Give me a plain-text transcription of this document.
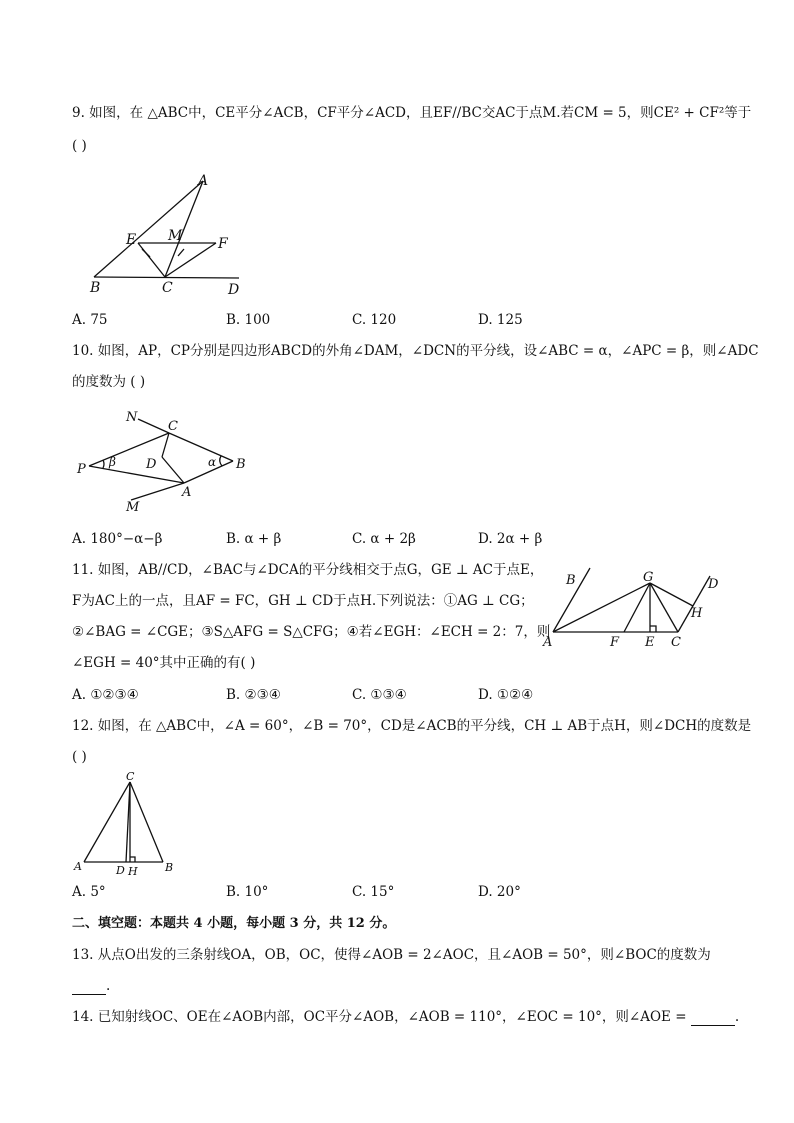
9. 如图，在 △ABC中，CE平分∠ACB，CF平分∠ACD，且EF//BC交AC于点M.若CM = 5，则CE² + CF²等于
( )
A
E M	F
B	C	D
A. 75	B. 100	C. 120	D. 125
10. 如图，AP，CP分别是四边形ABCD的外角∠DAM，∠DCN的平分线，设∠ABC = α，∠APC = β，则∠ADC
的度数为 ( )
N
C
P β D	α B
A
M
A. 180°−α−β	B. α + β	C. α + 2β	D. 2α + β
11. 如图，AB//CD，∠BAC与∠DCA的平分线相交于点G，GE ⊥ AC于点E，
F为AC上的一点，且AF = FC，GH ⊥ CD于点H.下列说法：①AG ⊥ CG；
②∠BAG = ∠CGE；③S△AFG = S△CFG；④若∠EGH：∠ECH = 2：7，则
∠EGH = 40°其中正确的有( )
B	G	D
H
A	F E C
A. ①②③④	B. ②③④	C. ①③④	D. ①②④
12. 如图，在 △ABC中，∠A = 60°，∠B = 70°，CD是∠ACB的平分线，CH ⊥ AB于点H，则∠DCH的度数是
( )
C
A	D H B
A. 5°	B. 10°	C. 15°	D. 20°
二、填空题：本题共 4 小题，每小题 3 分，共 12 分。
13. 从点O出发的三条射线OA，OB，OC，使得∠AOB = 2∠AOC，且∠AOB = 50°，则∠BOC的度数为
.
14. 已知射线OC、OE在∠AOB内部，OC平分∠AOB，∠AOB = 110°，∠EOC = 10°，则∠AOE =	.
